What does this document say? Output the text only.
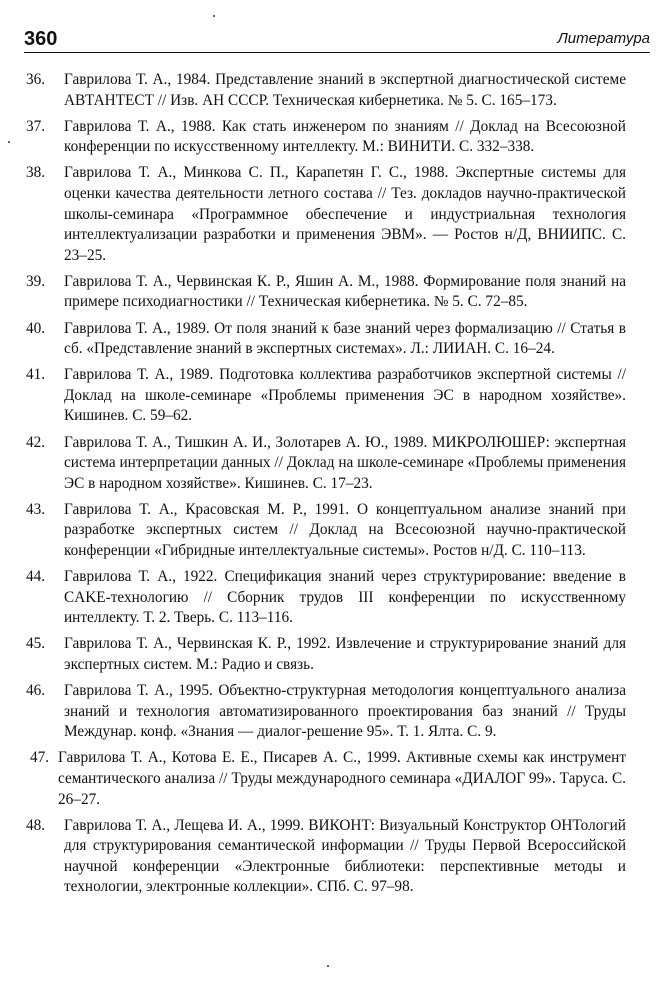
360	Литература
36. Гаврилова Т. А., 1984. Представление знаний в экспертной диагностической системе АВТАНТЕСТ // Изв. АН СССР. Техническая кибернетика. № 5. С. 165–173.
37. Гаврилова Т. А., 1988. Как стать инженером по знаниям // Доклад на Всесоюзной конференции по искусственному интеллекту. М.: ВИНИТИ. С. 332–338.
38. Гаврилова Т. А., Минкова С. П., Карапетян Г. С., 1988. Экспертные системы для оценки качества деятельности летного состава // Тез. докладов научно-практической школы-семинара «Программное обеспечение и индустриальная технология интеллектуализации разработки и применения ЭВМ». — Ростов н/Д, ВНИИПС. С. 23–25.
39. Гаврилова Т. А., Червинская К. Р., Яшин А. М., 1988. Формирование поля знаний на примере психодиагностики // Техническая кибернетика. № 5. С. 72–85.
40. Гаврилова Т. А., 1989. От поля знаний к базе знаний через формализацию // Статья в сб. «Представление знаний в экспертных системах». Л.: ЛИИАН. С. 16–24.
41. Гаврилова Т. А., 1989. Подготовка коллектива разработчиков экспертной системы // Доклад на школе-семинаре «Проблемы применения ЭС в народном хозяйстве». Кишинев. С. 59–62.
42. Гаврилова Т. А., Тишкин А. И., Золотарев А. Ю., 1989. МИКРОЛЮШЕР: экспертная система интерпретации данных // Доклад на школе-семинаре «Проблемы применения ЭС в народном хозяйстве». Кишинев. С. 17–23.
43. Гаврилова Т. А., Красовская М. Р., 1991. О концептуальном анализе знаний при разработке экспертных систем // Доклад на Всесоюзной научно-практической конференции «Гибридные интеллектуальные системы». Ростов н/Д. С. 110–113.
44. Гаврилова Т. А., 1922. Спецификация знаний через структурирование: введение в CAKE-технологию // Сборник трудов III конференции по искусственному интеллекту. Т. 2. Тверь. С. 113–116.
45. Гаврилова Т. А., Червинская К. Р., 1992. Извлечение и структурирование знаний для экспертных систем. М.: Радио и связь.
46. Гаврилова Т. А., 1995. Объектно-структурная методология концептуального анализа знаний и технология автоматизированного проектирования баз знаний // Труды Междунар. конф. «Знания — диалог-решение 95». Т. 1. Ялта. С. 9.
47. Гаврилова Т. А., Котова Е. Е., Писарев А. С., 1999. Активные схемы как инструмент семантического анализа // Труды международного семинара «ДИАЛОГ 99». Таруса. С. 26–27.
48. Гаврилова Т. А., Лещева И. А., 1999. ВИКОНТ: Визуальный Конструктор ОНТологий для структурирования семантической информации // Труды Первой Всероссийской научной конференции «Электронные библиотеки: перспективные методы и технологии, электронные коллекции». СПб. С. 97–98.
